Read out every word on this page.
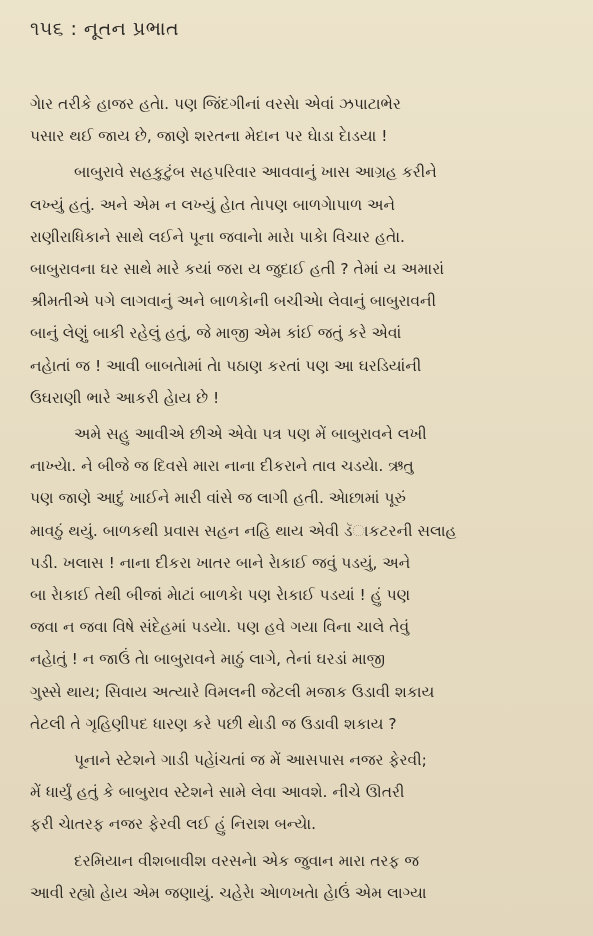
૧૫૬ : નૂતન પ્રભાત
ગેાર તરીકે હાજર હતેા. પણ જિંદગીનાં વરસેા એવાં ઝપાટાભેર
પસાર થઈ જાય છે, જાણે શરતના મેદાન પર ઘેાડા દેાડયા !
બાબુરાવે સહકુટુંબ સહપરિવાર આવવાનું ખાસ આગ્રહ કરીને
લખ્યું હતું. અને એમ ન લખ્યું હેાત તેાપણ બાળગેાપાળ અને
રાણીરાધિકાને સાથે લઈને પૂના જવાનેા મારેા પાકેા વિચાર હતેા.
બાબુરાવના ઘર સાથે મારે કયાં જરા ય જુદાઈ હતી ? તેમાં ય અમારાં
શ્રીમતીએ પગે લાગવાનું અને બાળકેાની બચીએા લેવાનું બાબુરાવની
બાનું લેણું બાકી રહેલું હતું, જે માજી એમ કાંઈ જતું કરે એવાં
નહેાતાં જ ! આવી બાબતેામાં તેા પઠાણ કરતાં પણ આ ઘરડિયાંની
ઉઘરાણી ભારે આકરી હેાય છે !
અમે સહુ આવીએ છીએ એવેા પત્ર પણ મેં બાબુરાવને લખી
નાખ્યેા. ને બીજે જ દિવસે મારા નાના દીકરાને તાવ ચડયેા. ઋતુ
પણ જાણે આદું ખાઈને મારી વાંસે જ લાગી હતી. એાછામાં પૂરું
માવઠું થયું. બાળકથી પ્રવાસ સહન નહિ થાય એવી ડૅાકટરની સલાહ
પડી. ખલાસ ! નાના દીકરા ખાતર બાને રેાકાઈ જવું પડયું, અને
બા રેાકાઈ તેથી બીજાં મેાટાં બાળકેા પણ રેાકાઈ પડયાં ! હું પણ
જવા ન જવા વિષે સંદેહમાં પડયેા. પણ હવે ગયા વિના ચાલે તેવું
નહેાતું ! ન જાઉં તેા બાબુરાવને માઠું લાગે, તેનાં ઘરડાં માજી
ગુસ્સે થાય; સિવાય અત્યારે વિમલની જેટલી મજાક ઉડાવી શકાય
તેટલી તે ગૃહિણીપદ ધારણ કરે પછી થેાડી જ ઉડાવી શકાય ?
પૂનાને સ્ટેશને ગાડી પહેાંચતાં જ મેં આસપાસ નજર ફેરવી;
મેં ધાર્યું હતું કે બાબુરાવ સ્ટેશને સામે લેવા આવશે. નીચે ઊતરી
ફરી ચેાતરફ નજર ફેરવી લઈ હું નિરાશ બન્યેા.
દરમિયાન વીશબાવીશ વરસનેા એક જુવાન મારા તરફ જ
આવી રહ્યો હેાય એમ જણાયું. ચહેરેા એાળખતેા હેાઉં એમ લાગ્યા
